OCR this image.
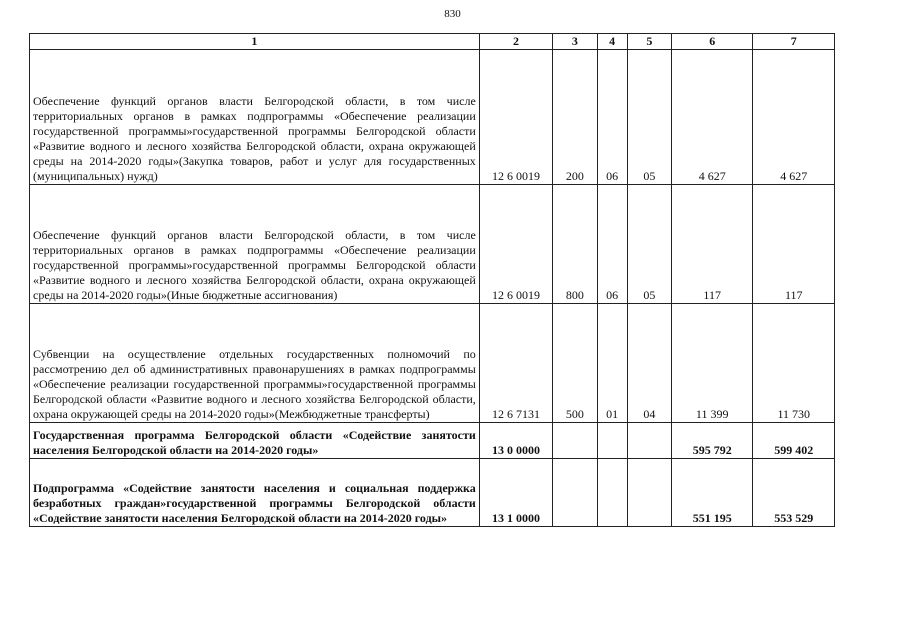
830
1	2	3	4	5	6	7
Обеспечение функций органов власти Белгородской области, в том числе территориальных органов в рамках подпрограммы «Обеспечение реализации государственной программы»государственной программы Белгородской области «Развитие водного и лесного хозяйства Белгородской области, охрана окружающей среды на 2014-2020 годы»(Закупка товаров, работ и услуг для государственных (муниципальных) нужд)	12 6 0019	200	06	05	4 627	4 627
Обеспечение функций органов власти Белгородской области, в том числе территориальных органов в рамках подпрограммы «Обеспечение реализации государственной программы»государственной программы Белгородской области «Развитие водного и лесного хозяйства Белгородской области, охрана окружающей среды на 2014-2020 годы»(Иные бюджетные ассигнования)	12 6 0019	800	06	05	117	117
Субвенции на осуществление отдельных государственных полномочий по рассмотрению дел об административных правонарушениях в рамках подпрограммы «Обеспечение реализации государственной программы»государственной программы Белгородской области «Развитие водного и лесного хозяйства Белгородской области, охрана окружающей среды на 2014-2020 годы»(Межбюджетные трансферты)	12 6 7131	500	01	04	11 399	11 730
Государственная программа Белгородской области «Содействие занятости населения Белгородской области на 2014-2020 годы»	13 0 0000				595 792	599 402
Подпрограмма «Содействие занятости населения и социальная поддержка безработных граждан»государственной программы Белгородской области «Содействие занятости населения Белгородской области на 2014-2020 годы»	13 1 0000				551 195	553 529
